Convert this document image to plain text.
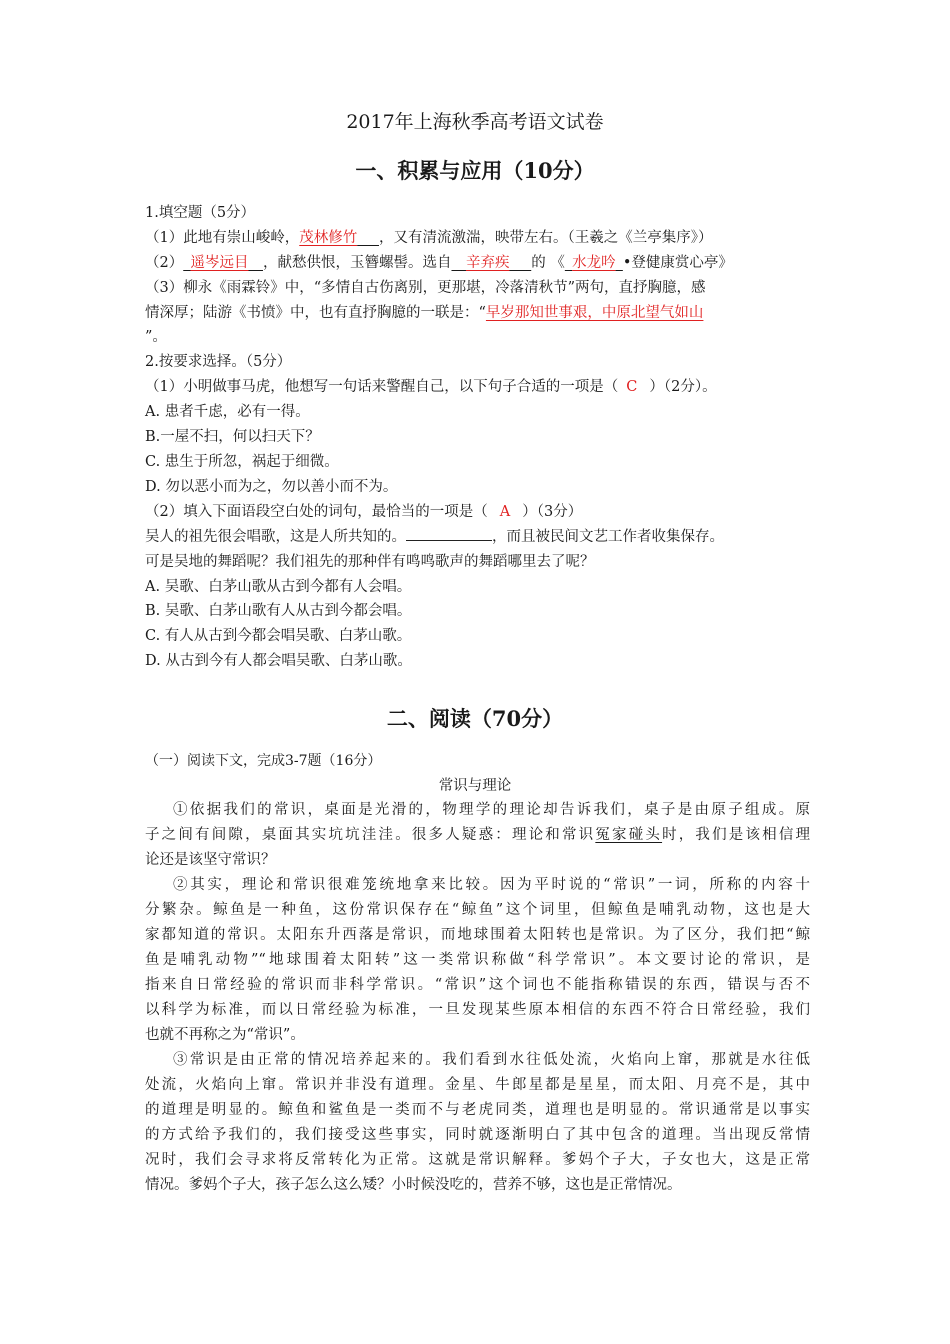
2017年上海秋季高考语文试卷
一、积累与应用（10分）
1.填空题（5分）
（1）此地有崇山峻岭，茂林修竹    ，又有清流激湍，映带左右。（王羲之《兰亭集序》）
（2）  遥岑远目   ，献愁供恨，玉簪螺髻。选自   辛弃疾    的 《  水龙吟  •登健康赏心亭》
（3）柳永《雨霖铃》中，“多情自古伤离别，更那堪，冷落清秋节”两句，直抒胸臆，感
情深厚；陆游《书愤》中，也有直抒胸臆的一联是：“早岁那知世事艰，中原北望气如山
”。
2.按要求选择。（5分）
（1）小明做事马虎，他想写一句话来警醒自己，以下句子合适的一项是（ C ）（2分）。
A. 患者千虑，必有一得。
B.一屋不扫，何以扫天下？
C. 患生于所忽，祸起于细微。
D. 勿以恶小而为之，勿以善小而不为。
（2）填入下面语段空白处的词句，最恰当的一项是（ A ）（3分）
吴人的祖先很会唱歌，这是人所共知的。	，而且被民间文艺工作者收集保存。
可是吴地的舞蹈呢？我们祖先的那种伴有鸣鸣歌声的舞蹈哪里去了呢？
A. 吴歌、白茅山歌从古到今都有人会唱。
B. 吴歌、白茅山歌有人从古到今都会唱。
C. 有人从古到今都会唱吴歌、白茅山歌。
D. 从古到今有人都会唱吴歌、白茅山歌。
二、阅读（70分）
（一）阅读下文，完成3-7题（16分）
常识与理论
①依据我们的常识，桌面是光滑的，物理学的理论却告诉我们，桌子是由原子组成。原
子之间有间隙，桌面其实坑坑洼洼。很多人疑惑：理论和常识冤家碰头时，我们是该相信理
论还是该坚守常识？
②其实，理论和常识很难笼统地拿来比较。因为平时说的“常识”一词，所称的内容十
分繁杂。鲸鱼是一种鱼，这份常识保存在“鲸鱼”这个词里，但鲸鱼是哺乳动物，这也是大
家都知道的常识。太阳东升西落是常识，而地球围着太阳转也是常识。为了区分，我们把“鲸
鱼是哺乳动物”“地球围着太阳转”这一类常识称做“科学常识”。本文要讨论的常识，是
指来自日常经验的常识而非科学常识。“常识”这个词也不能指称错误的东西，错误与否不
以科学为标准，而以日常经验为标准，一旦发现某些原本相信的东西不符合日常经验，我们
也就不再称之为“常识”。
③常识是由正常的情况培养起来的。我们看到水往低处流，火焰向上窜，那就是水往低
处流，火焰向上窜。常识并非没有道理。金星、牛郎星都是星星，而太阳、月亮不是，其中
的道理是明显的。鲸鱼和鲨鱼是一类而不与老虎同类，道理也是明显的。常识通常是以事实
的方式给予我们的，我们接受这些事实，同时就逐渐明白了其中包含的道理。当出现反常情
况时，我们会寻求将反常转化为正常。这就是常识解释。爹妈个子大，子女也大，这是正常
情况。爹妈个子大，孩子怎么这么矮？小时候没吃的，营养不够，这也是正常情况。
